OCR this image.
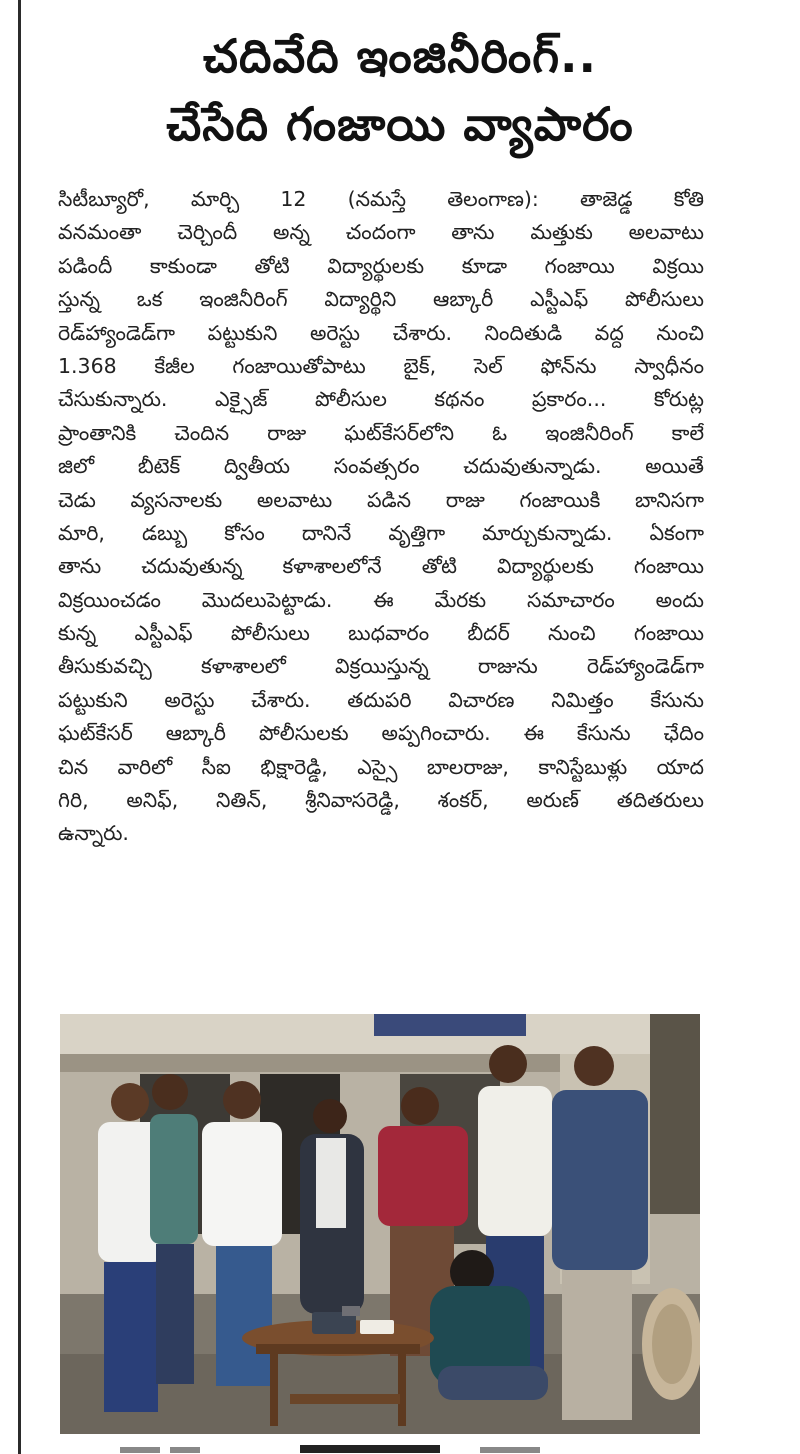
చదివేది ఇంజినీరింగ్..
చేసేది గంజాయి వ్యాపారం
సిటీబ్యూరో, మార్చి 12 (నమస్తే తెలంగాణ): తాజెడ్డ కోతి
వనమంతా చెర్చిందీ అన్న చందంగా తాను మత్తుకు అలవాటు
పడిందీ కాకుండా తోటి విద్యార్థులకు కూడా గంజాయి విక్రయి
స్తున్న ఒక ఇంజినీరింగ్ విద్యార్థిని ఆబ్కారీ ఎస్టీఎఫ్ పోలీసులు
రెడ్‌హ్యాండెడ్‌గా పట్టుకుని అరెస్టు చేశారు. నిందితుడి వద్ద నుంచి
1.368 కేజీల గంజాయితోపాటు బైక్, సెల్ ఫోన్‌ను స్వాధీనం
చేసుకున్నారు. ఎక్సైజ్ పోలీసుల కథనం ప్రకారం... కోరుట్ల
ప్రాంతానికి చెందిన రాజు ఘట్‌కేసర్‌లోని ఓ ఇంజినీరింగ్ కాలే
జిలో బీటెక్ ద్వితీయ సంవత్సరం చదువుతున్నాడు. అయితే
చెడు వ్యసనాలకు అలవాటు పడిన రాజు గంజాయికి బానిసగా
మారి, డబ్బు కోసం దానినే వృత్తిగా మార్చుకున్నాడు. ఏకంగా
తాను చదువుతున్న కళాశాలలోనే తోటి విద్యార్థులకు గంజాయి
విక్రయించడం మొదలుపెట్టాడు. ఈ మేరకు సమాచారం అందు
కున్న ఎస్టీఎఫ్ పోలీసులు బుధవారం బీదర్ నుంచి గంజాయి
తీసుకువచ్చి కళాశాలలో విక్రయిస్తున్న రాజును రెడ్‌హ్యాండెడ్‌గా
పట్టుకుని అరెస్టు చేశారు. తదుపరి విచారణ నిమిత్తం కేసును
ఘట్‌కేసర్ ఆబ్కారీ పోలీసులకు అప్పగించారు. ఈ కేసును ఛేదిం
చిన వారిలో సీఐ భిక్షారెడ్డి, ఎస్సై బాలరాజు, కానిస్టేబుళ్లు యాద
గిరి, అనిఫ్, నితిన్, శ్రీనివాసరెడ్డి, శంకర్, అరుణ్ తదితరులు
ఉన్నారు.
